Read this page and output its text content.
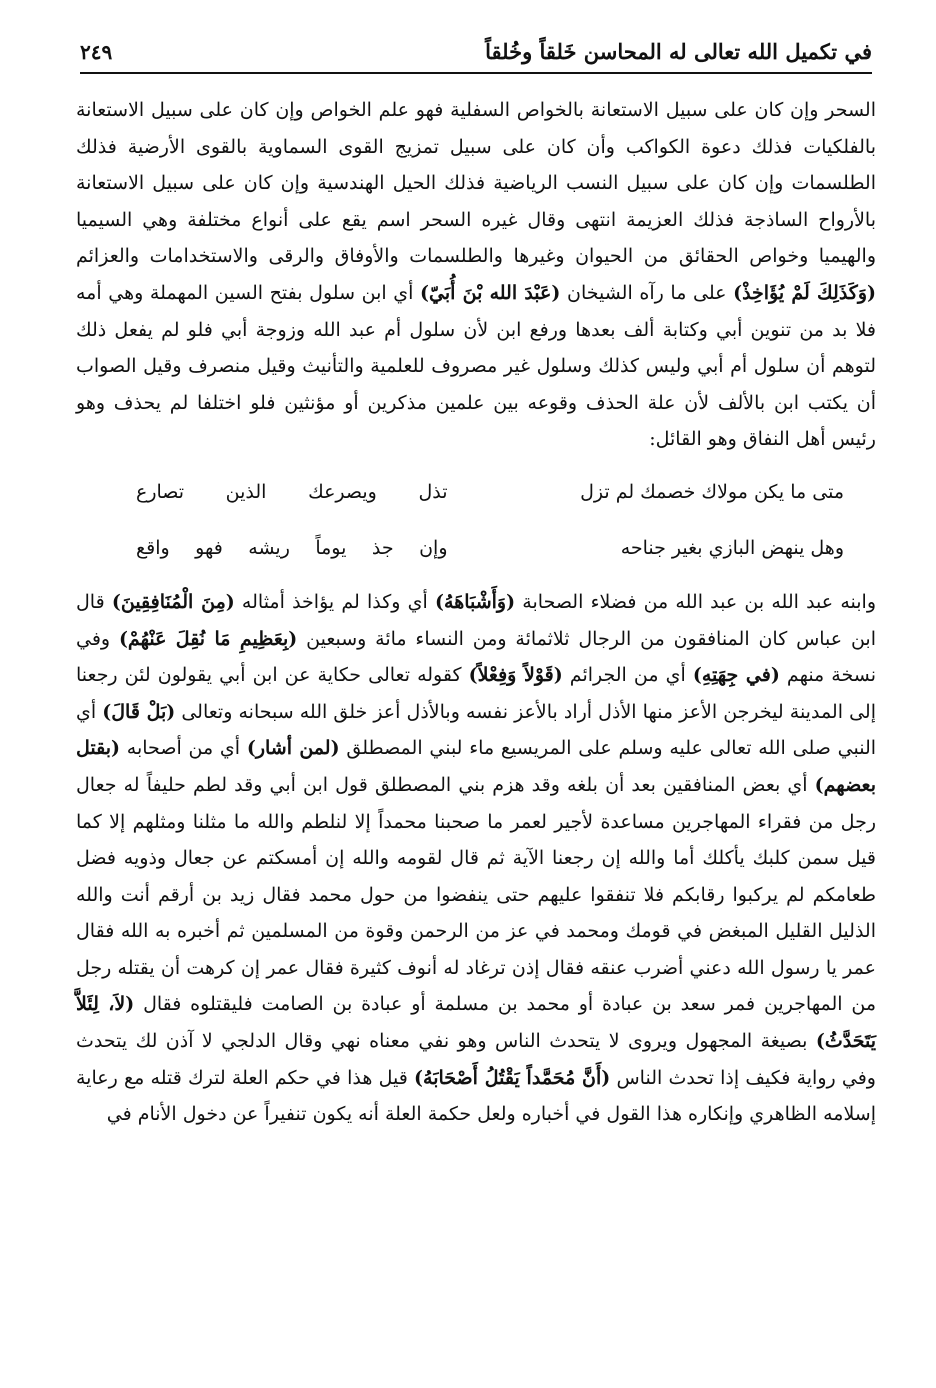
في تكميل الله تعالى له المحاسن خَلقاً وخُلقاً
٢٤٩

السحر وإن كان على سبيل الاستعانة بالخواص السفلية فهو علم الخواص وإن كان على سبيل الاستعانة بالفلكيات فذلك دعوة الكواكب وأن كان على سبيل تمزيج القوى السماوية بالقوى الأرضية فذلك الطلسمات وإن كان على سبيل النسب الرياضية فذلك الحيل الهندسية وإن كان على سبيل الاستعانة بالأرواح الساذجة فذلك العزيمة انتهى وقال غيره السحر اسم يقع على أنواع مختلفة وهي السيميا والهيميا وخواص الحقائق من الحيوان وغيرها والطلسمات والأوفاق والرقى والاستخدامات والعزائم (وَكَذَلِكَ لَمْ يُؤَاخِذْ) على ما رآه الشيخان (عَبْدَ الله بْنَ أُبَيّ) أي ابن سلول بفتح السين المهملة وهي أمه فلا بد من تنوين أبي وكتابة ألف بعدها ورفع ابن لأن سلول أم عبد الله وزوجة أبي فلو لم يفعل ذلك لتوهم أن سلول أم أبي وليس كذلك وسلول غير مصروف للعلمية والتأنيث وقيل منصرف وقيل الصواب أن يكتب ابن بالألف لأن علة الحذف وقوعه بين علمين مذكرين أو مؤنثين فلو اختلفا لم يحذف وهو رئيس أهل النفاق وهو القائل:

متى ما يكن مولاك خصمك لم تزل
تذل ويصرعك الذين تصارع
وهل ينهض البازي بغير جناحه
وإن جذ يوماً ريشه فهو واقع

وابنه عبد الله بن عبد الله من فضلاء الصحابة (وَأَشْبَاهَهُ) أي وكذا لم يؤاخذ أمثاله (مِنَ الْمُنَافِقِينَ) قال ابن عباس كان المنافقون من الرجال ثلاثمائة ومن النساء مائة وسبعين (بِعَظِيمِ مَا نُقِلَ عَنْهُمْ) وفي نسخة منهم (في جِهَتِهِ) أي من الجرائم (قَوْلاً وَفِعْلاً) كقوله تعالى حكاية عن ابن أبي يقولون لئن رجعنا إلى المدينة ليخرجن الأعز منها الأذل أراد بالأعز نفسه وبالأذل أعز خلق الله سبحانه وتعالى (بَلْ قَالَ) أي النبي صلى الله تعالى عليه وسلم على المريسيع ماء لبني المصطلق (لمن أشار) أي من أصحابه (بقتل بعضهم) أي بعض المنافقين بعد أن بلغه وقد هزم بني المصطلق قول ابن أبي وقد لطم حليفاً له جعال رجل من فقراء المهاجرين مساعدة لأجير لعمر ما صحبنا محمداً إلا لنلطم والله ما مثلنا ومثلهم إلا كما قيل سمن كلبك يأكلك أما والله إن رجعنا الآية ثم قال لقومه والله إن أمسكتم عن جعال وذويه فضل طعامكم لم يركبوا رقابكم فلا تنفقوا عليهم حتى ينفضوا من حول محمد فقال زيد بن أرقم أنت والله الذليل القليل المبغض في قومك ومحمد في عز من الرحمن وقوة من المسلمين ثم أخبره به الله فقال عمر يا رسول الله دعني أضرب عنقه فقال إذن ترغاد له أنوف كثيرة فقال عمر إن كرهت أن يقتله رجل من المهاجرين فمر سعد بن عبادة أو محمد بن مسلمة أو عبادة بن الصامت فليقتلوه فقال (لاَ، لِئَلاَّ يَتَحَدَّثُ) بصيغة المجهول ويروى لا يتحدث الناس وهو نفي معناه نهي وقال الدلجي لا آذن لك يتحدث وفي رواية فكيف إذا تحدث الناس (أَنَّ مُحَمَّداً يَقْتُلُ أَصْحَابَهُ) قيل هذا في حكم العلة لترك قتله مع رعاية إسلامه الظاهري وإنكاره هذا القول في أخباره ولعل حكمة العلة أنه يكون تنفيراً عن دخول الأنام في
